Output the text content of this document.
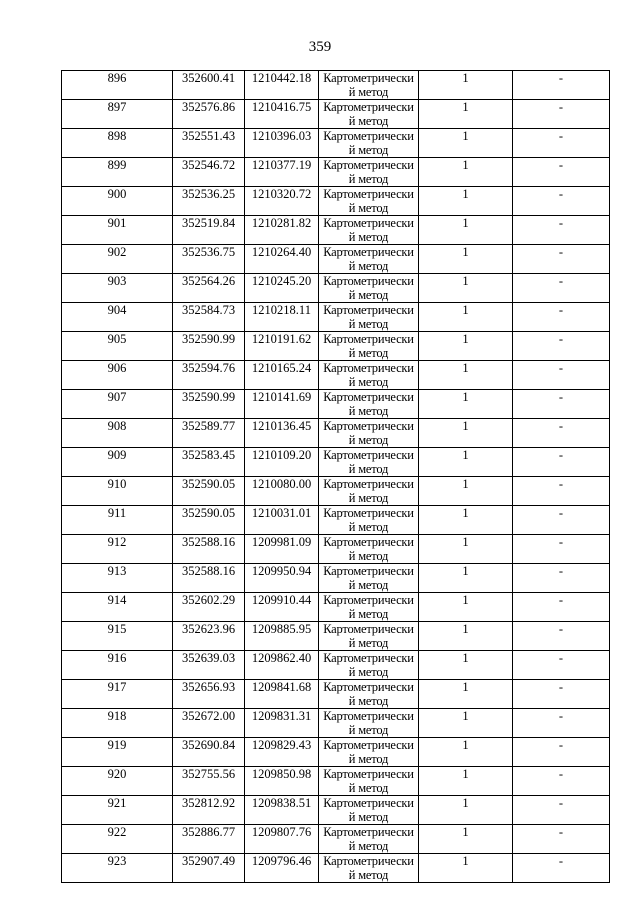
359
896	352600.41	1210442.18	Картометрически
й метод	1	-
897	352576.86	1210416.75	Картометрически
й метод	1	-
898	352551.43	1210396.03	Картометрически
й метод	1	-
899	352546.72	1210377.19	Картометрически
й метод	1	-
900	352536.25	1210320.72	Картометрически
й метод	1	-
901	352519.84	1210281.82	Картометрически
й метод	1	-
902	352536.75	1210264.40	Картометрически
й метод	1	-
903	352564.26	1210245.20	Картометрически
й метод	1	-
904	352584.73	1210218.11	Картометрически
й метод	1	-
905	352590.99	1210191.62	Картометрически
й метод	1	-
906	352594.76	1210165.24	Картометрически
й метод	1	-
907	352590.99	1210141.69	Картометрически
й метод	1	-
908	352589.77	1210136.45	Картометрически
й метод	1	-
909	352583.45	1210109.20	Картометрически
й метод	1	-
910	352590.05	1210080.00	Картометрически
й метод	1	-
911	352590.05	1210031.01	Картометрически
й метод	1	-
912	352588.16	1209981.09	Картометрически
й метод	1	-
913	352588.16	1209950.94	Картометрически
й метод	1	-
914	352602.29	1209910.44	Картометрически
й метод	1	-
915	352623.96	1209885.95	Картометрически
й метод	1	-
916	352639.03	1209862.40	Картометрически
й метод	1	-
917	352656.93	1209841.68	Картометрически
й метод	1	-
918	352672.00	1209831.31	Картометрически
й метод	1	-
919	352690.84	1209829.43	Картометрически
й метод	1	-
920	352755.56	1209850.98	Картометрически
й метод	1	-
921	352812.92	1209838.51	Картометрически
й метод	1	-
922	352886.77	1209807.76	Картометрически
й метод	1	-
923	352907.49	1209796.46	Картометрически
й метод	1	-
